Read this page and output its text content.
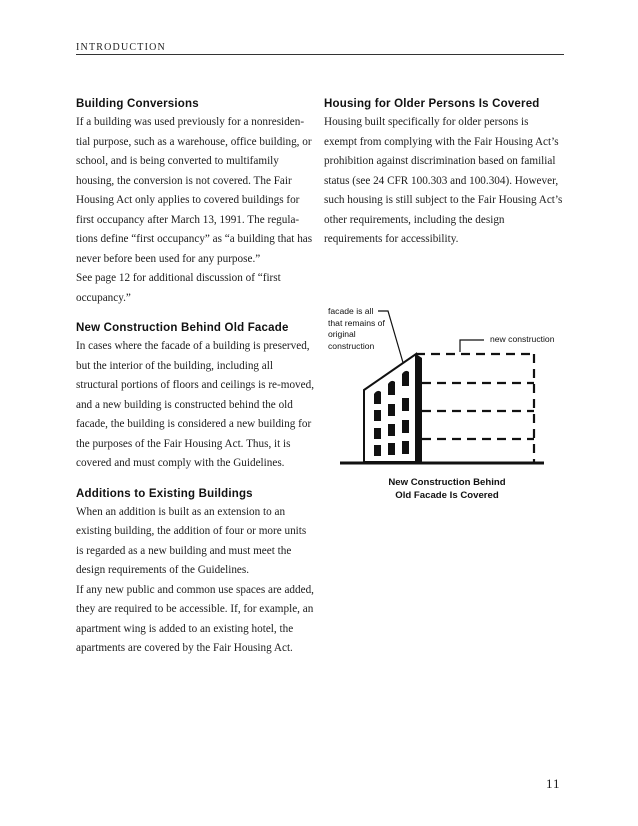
INTRODUCTION
Building Conversions

If a building was used previously for a nonresiden-tial purpose, such as a warehouse, office building, or school, and is being converted to multifamily housing, the conversion is not covered. The Fair Housing Act only applies to covered buildings for first occupancy after March 13, 1991. The regula-tions define “first occupancy” as “a building that has never before been used for any purpose.”

See page 12 for additional discussion of “first occupancy.”

New Construction Behind Old Facade

In cases where the facade of a building is preserved, but the interior of the building, including all structural portions of floors and ceilings is re-moved, and a new building is constructed behind the old facade, the building is considered a new building for the purposes of the Fair Housing Act. Thus, it is covered and must comply with the Guidelines.

Additions to Existing Buildings

When an addition is built as an extension to an existing building, the addition of four or more units is regarded as a new building and must meet the design requirements of the Guidelines.

If any new public and common use spaces are added, they are required to be accessible. If, for example, an apartment wing is added to an existing hotel, the apartments are covered by the Fair Housing Act.

Housing for Older Persons Is Covered

Housing built specifically for older persons is exempt from complying with the Fair Housing Act’s prohibition against discrimination based on familial status (see 24 CFR 100.303 and 100.304). However, such housing is still subject to the Fair Housing Act’s other requirements, including the design requirements for accessibility.

facade is all that remains of original construction
new construction
New Construction Behind
Old Facade Is Covered
11
